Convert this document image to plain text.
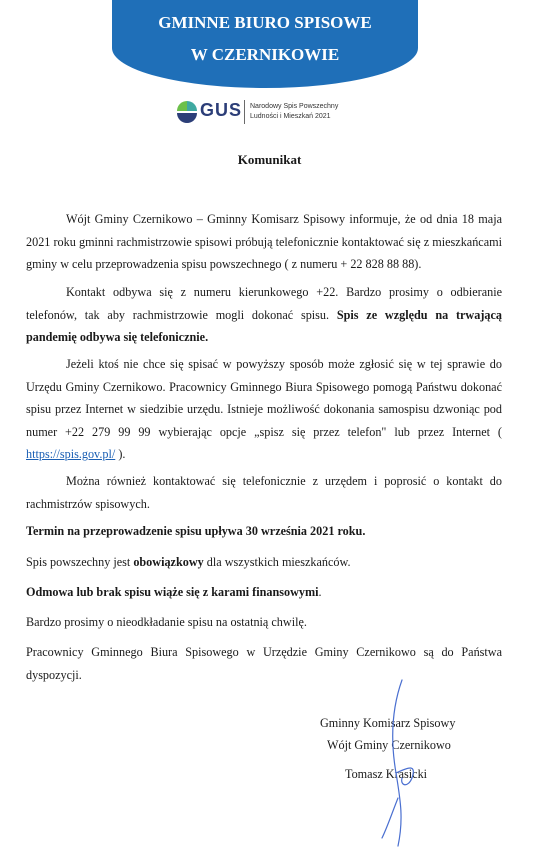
GMINNE BIURO SPISOWE
W CZERNIKOWIE
GUS Narodowy Spis Powszechny
Ludności i Mieszkań 2021
Komunikat

Wójt Gminy Czernikowo – Gminny Komisarz Spisowy informuje, że od dnia 18 maja 2021 roku gminni rachmistrzowie spisowi próbują telefonicznie kontaktować się z mieszkańcami gminy w celu przeprowadzenia spisu powszechnego ( z numeru + 22 828 88 88).

Kontakt odbywa się z numeru kierunkowego +22. Bardzo prosimy o odbieranie telefonów, tak aby rachmistrzowie mogli dokonać spisu. Spis ze względu na trwającą pandemię odbywa się telefonicznie.

Jeżeli ktoś nie chce się spisać w powyższy sposób może zgłosić się w tej sprawie do Urzędu Gminy Czernikowo. Pracownicy Gminnego Biura Spisowego pomogą Państwu dokonać spisu przez Internet w siedzibie urzędu. Istnieje możliwość dokonania samospisu dzwoniąc pod numer +22 279 99 99 wybierając opcje „spisz się przez telefon" lub przez Internet ( https://spis.gov.pl/ ).

Można również kontaktować się telefonicznie z urzędem i poprosić o kontakt do rachmistrzów spisowych.

Termin na przeprowadzenie spisu upływa 30 września 2021 roku.

Spis powszechny jest obowiązkowy dla wszystkich mieszkańców.

Odmowa lub brak spisu wiąże się z karami finansowymi.

Bardzo prosimy o nieodkładanie spisu na ostatnią chwilę.

Pracownicy Gminnego Biura Spisowego w Urzędzie Gminy Czernikowo są do Państwa dyspozycji.

Gminny Komisarz Spisowy
Wójt Gminy Czernikowo
Tomasz Krasicki
